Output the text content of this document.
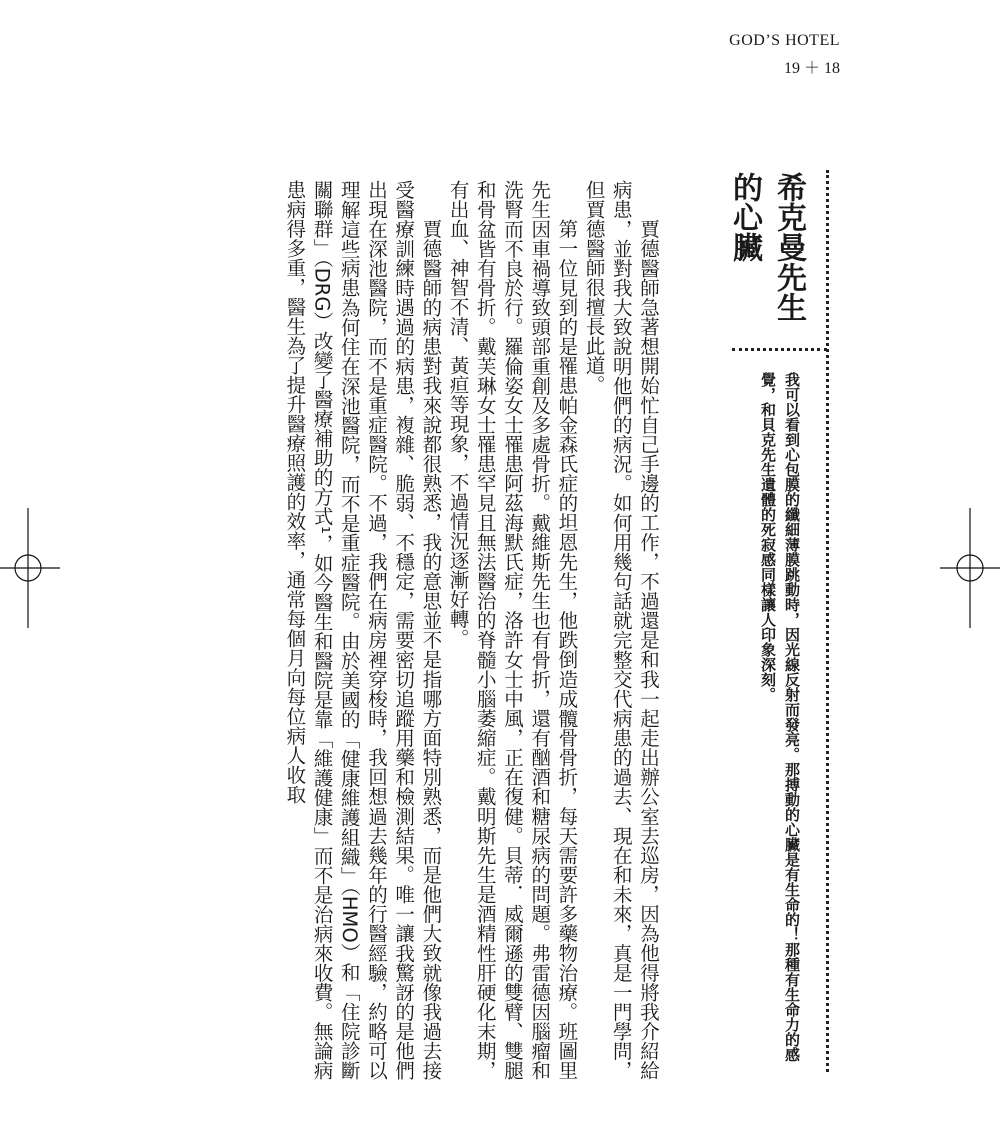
GOD’S HOTEL
19 ＋ 18
希克曼先生的心臟
我可以看到心包膜的纖細薄膜跳動時，因光線反射而發亮。那搏動的心臟是有生命的！那種有生命力的感覺，和貝克先生遺體的死寂感同樣讓人印象深刻。

賈德醫師急著想開始忙自己手邊的工作，不過還是和我一起走出辦公室去巡房，因為他得將我介紹給病患，並對我大致說明他們的病況。如何用幾句話就完整交代病患的過去、現在和未來，真是一門學問，但賈德醫師很擅長此道。

第一位見到的是罹患帕金森氏症的坦恩先生，他跌倒造成髖骨骨折，每天需要許多藥物治療。班圖里先生因車禍導致頭部重創及多處骨折。戴維斯先生也有骨折，還有酗酒和糖尿病的問題。弗雷德因腦瘤和洗腎而不良於行。羅倫姿女士罹患阿茲海默氏症，洛許女士中風，正在復健。貝蒂．威爾遜的雙臂、雙腿和骨盆皆有骨折。戴芙琳女士罹患罕見且無法醫治的脊髓小腦萎縮症。戴明斯先生是酒精性肝硬化末期，有出血、神智不清、黃疸等現象，不過情況逐漸好轉。

賈德醫師的病患對我來說都很熟悉，我的意思並不是指哪方面特別熟悉，而是他們大致就像我過去接受醫療訓練時遇過的病患，複雜、脆弱、不穩定，需要密切追蹤用藥和檢測結果。唯一讓我驚訝的是他們出現在深池醫院，而不是重症醫院。不過，我們在病房裡穿梭時，我回想過去幾年的行醫經驗，約略可以理解這些病患為何住在深池醫院，而不是重症醫院。由於美國的「健康維護組織」（HMO）和「住院診斷關聯群」（DRG）改變了醫療補助的方式¹，如今醫生和醫院是靠「維護健康」而不是治病來收費。無論病患病得多重，醫生為了提升醫療照護的效率，通常每個月向每位病人收取
